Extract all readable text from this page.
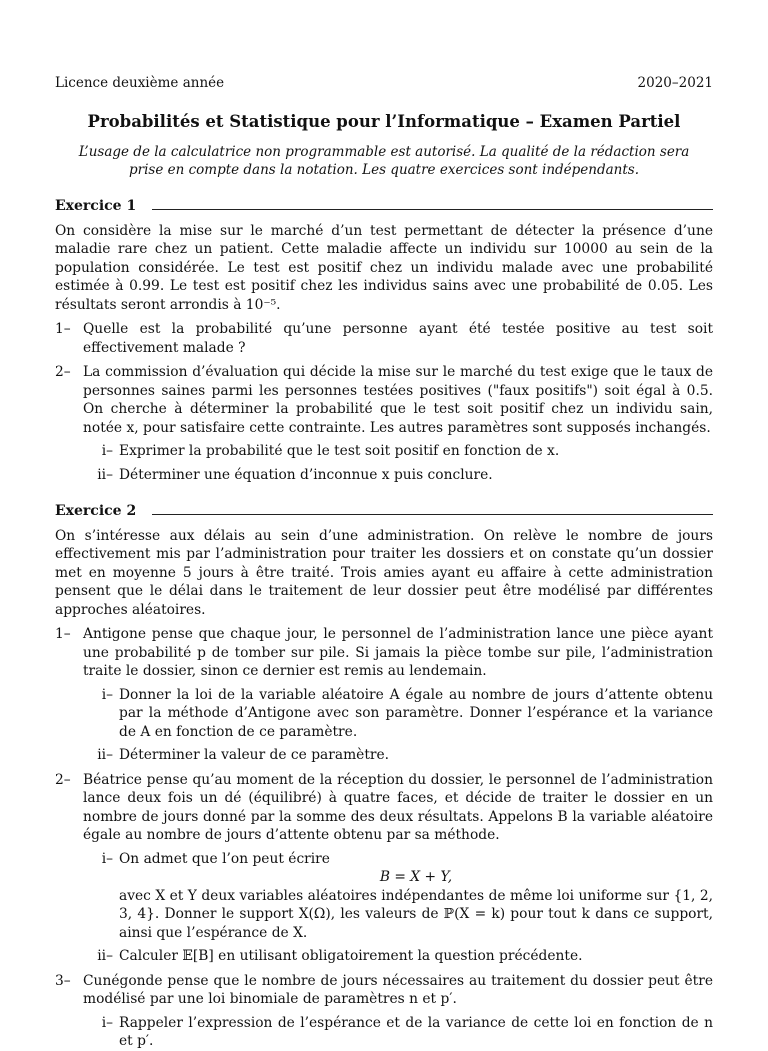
Licence deuxième année	2020–2021
Probabilités et Statistique pour l’Informatique – Examen Partiel
L’usage de la calculatrice non programmable est autorisé. La qualité de la rédaction sera prise en compte dans la notation. Les quatre exercices sont indépendants.
Exercice 1

On considère la mise sur le marché d’un test permettant de détecter la présence d’une maladie rare chez un patient. Cette maladie affecte un individu sur 10000 au sein de la population considérée. Le test est positif chez un individu malade avec une probabilité estimée à 0.99. Le test est positif chez les individus sains avec une probabilité de 0.05. Les résultats seront arrondis à 10⁻⁵.

1– Quelle est la probabilité qu’une personne ayant été testée positive au test soit effectivement malade ?

2– La commission d’évaluation qui décide la mise sur le marché du test exige que le taux de personnes saines parmi les personnes testées positives ("faux positifs") soit égal à 0.5. On cherche à déterminer la probabilité que le test soit positif chez un individu sain, notée x, pour satisfaire cette contrainte. Les autres paramètres sont supposés inchangés.

i– Exprimer la probabilité que le test soit positif en fonction de x.

ii– Déterminer une équation d’inconnue x puis conclure.

Exercice 2

On s’intéresse aux délais au sein d’une administration. On relève le nombre de jours effectivement mis par l’administration pour traiter les dossiers et on constate qu’un dossier met en moyenne 5 jours à être traité. Trois amies ayant eu affaire à cette administration pensent que le délai dans le traitement de leur dossier peut être modélisé par différentes approches aléatoires.

1– Antigone pense que chaque jour, le personnel de l’administration lance une pièce ayant une probabilité p de tomber sur pile. Si jamais la pièce tombe sur pile, l’administration traite le dossier, sinon ce dernier est remis au lendemain.

i– Donner la loi de la variable aléatoire A égale au nombre de jours d’attente obtenu par la méthode d’Antigone avec son paramètre. Donner l’espérance et la variance de A en fonction de ce paramètre.

ii– Déterminer la valeur de ce paramètre.

2– Béatrice pense qu’au moment de la réception du dossier, le personnel de l’administration lance deux fois un dé (équilibré) à quatre faces, et décide de traiter le dossier en un nombre de jours donné par la somme des deux résultats. Appelons B la variable aléatoire égale au nombre de jours d’attente obtenu par sa méthode.

i– On admet que l’on peut écrire

B = X + Y,

avec X et Y deux variables aléatoires indépendantes de même loi uniforme sur {1, 2, 3, 4}. Donner le support X(Ω), les valeurs de ℙ(X = k) pour tout k dans ce support, ainsi que l’espérance de X.

ii– Calculer 𝔼[B] en utilisant obligatoirement la question précédente.

3– Cunégonde pense que le nombre de jours nécessaires au traitement du dossier peut être modélisé par une loi binomiale de paramètres n et p′.

i– Rappeler l’expression de l’espérance et de la variance de cette loi en fonction de n et p′.
